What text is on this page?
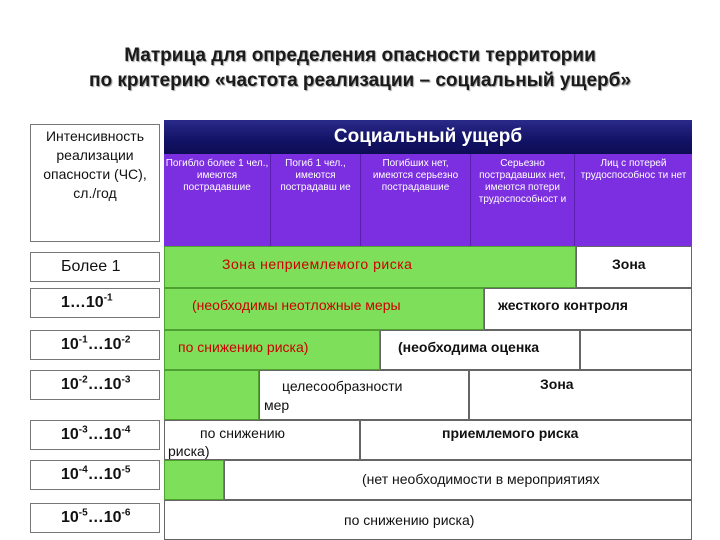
Матрица для определения опасности территории
по критерию «частота реализации – социальный ущерб»
Интенсивность
реализации
опасности (ЧС),
сл./год
Социальный ущерб
Погибло более 1 чел., имеются пострадавшие
Погиб 1 чел., имеются пострадавш ие
Погибших нет, имеются серьезно пострадавшие
Серьезно пострадавших нет, имеются потери трудоспособност и
Лиц с потерей трудоспособнос ти нет
Более 1
$1\dots 10^{-1}$
$10^{-1}\dots 10^{-2}$
$10^{-2}\dots 10^{-3}$
$10^{-3}\dots 10^{-4}$
$10^{-4}\dots 10^{-5}$
$10^{-5}\dots 10^{-6}$
Зона неприемлемого риска
(необходимы неотложные меры
по снижению риска)
Зона
жесткого контроля
(необходима оценка
целесообразности
мер
по снижению
риска)
Зона
приемлемого риска
(нет необходимости в мероприятиях
по снижению риска)
